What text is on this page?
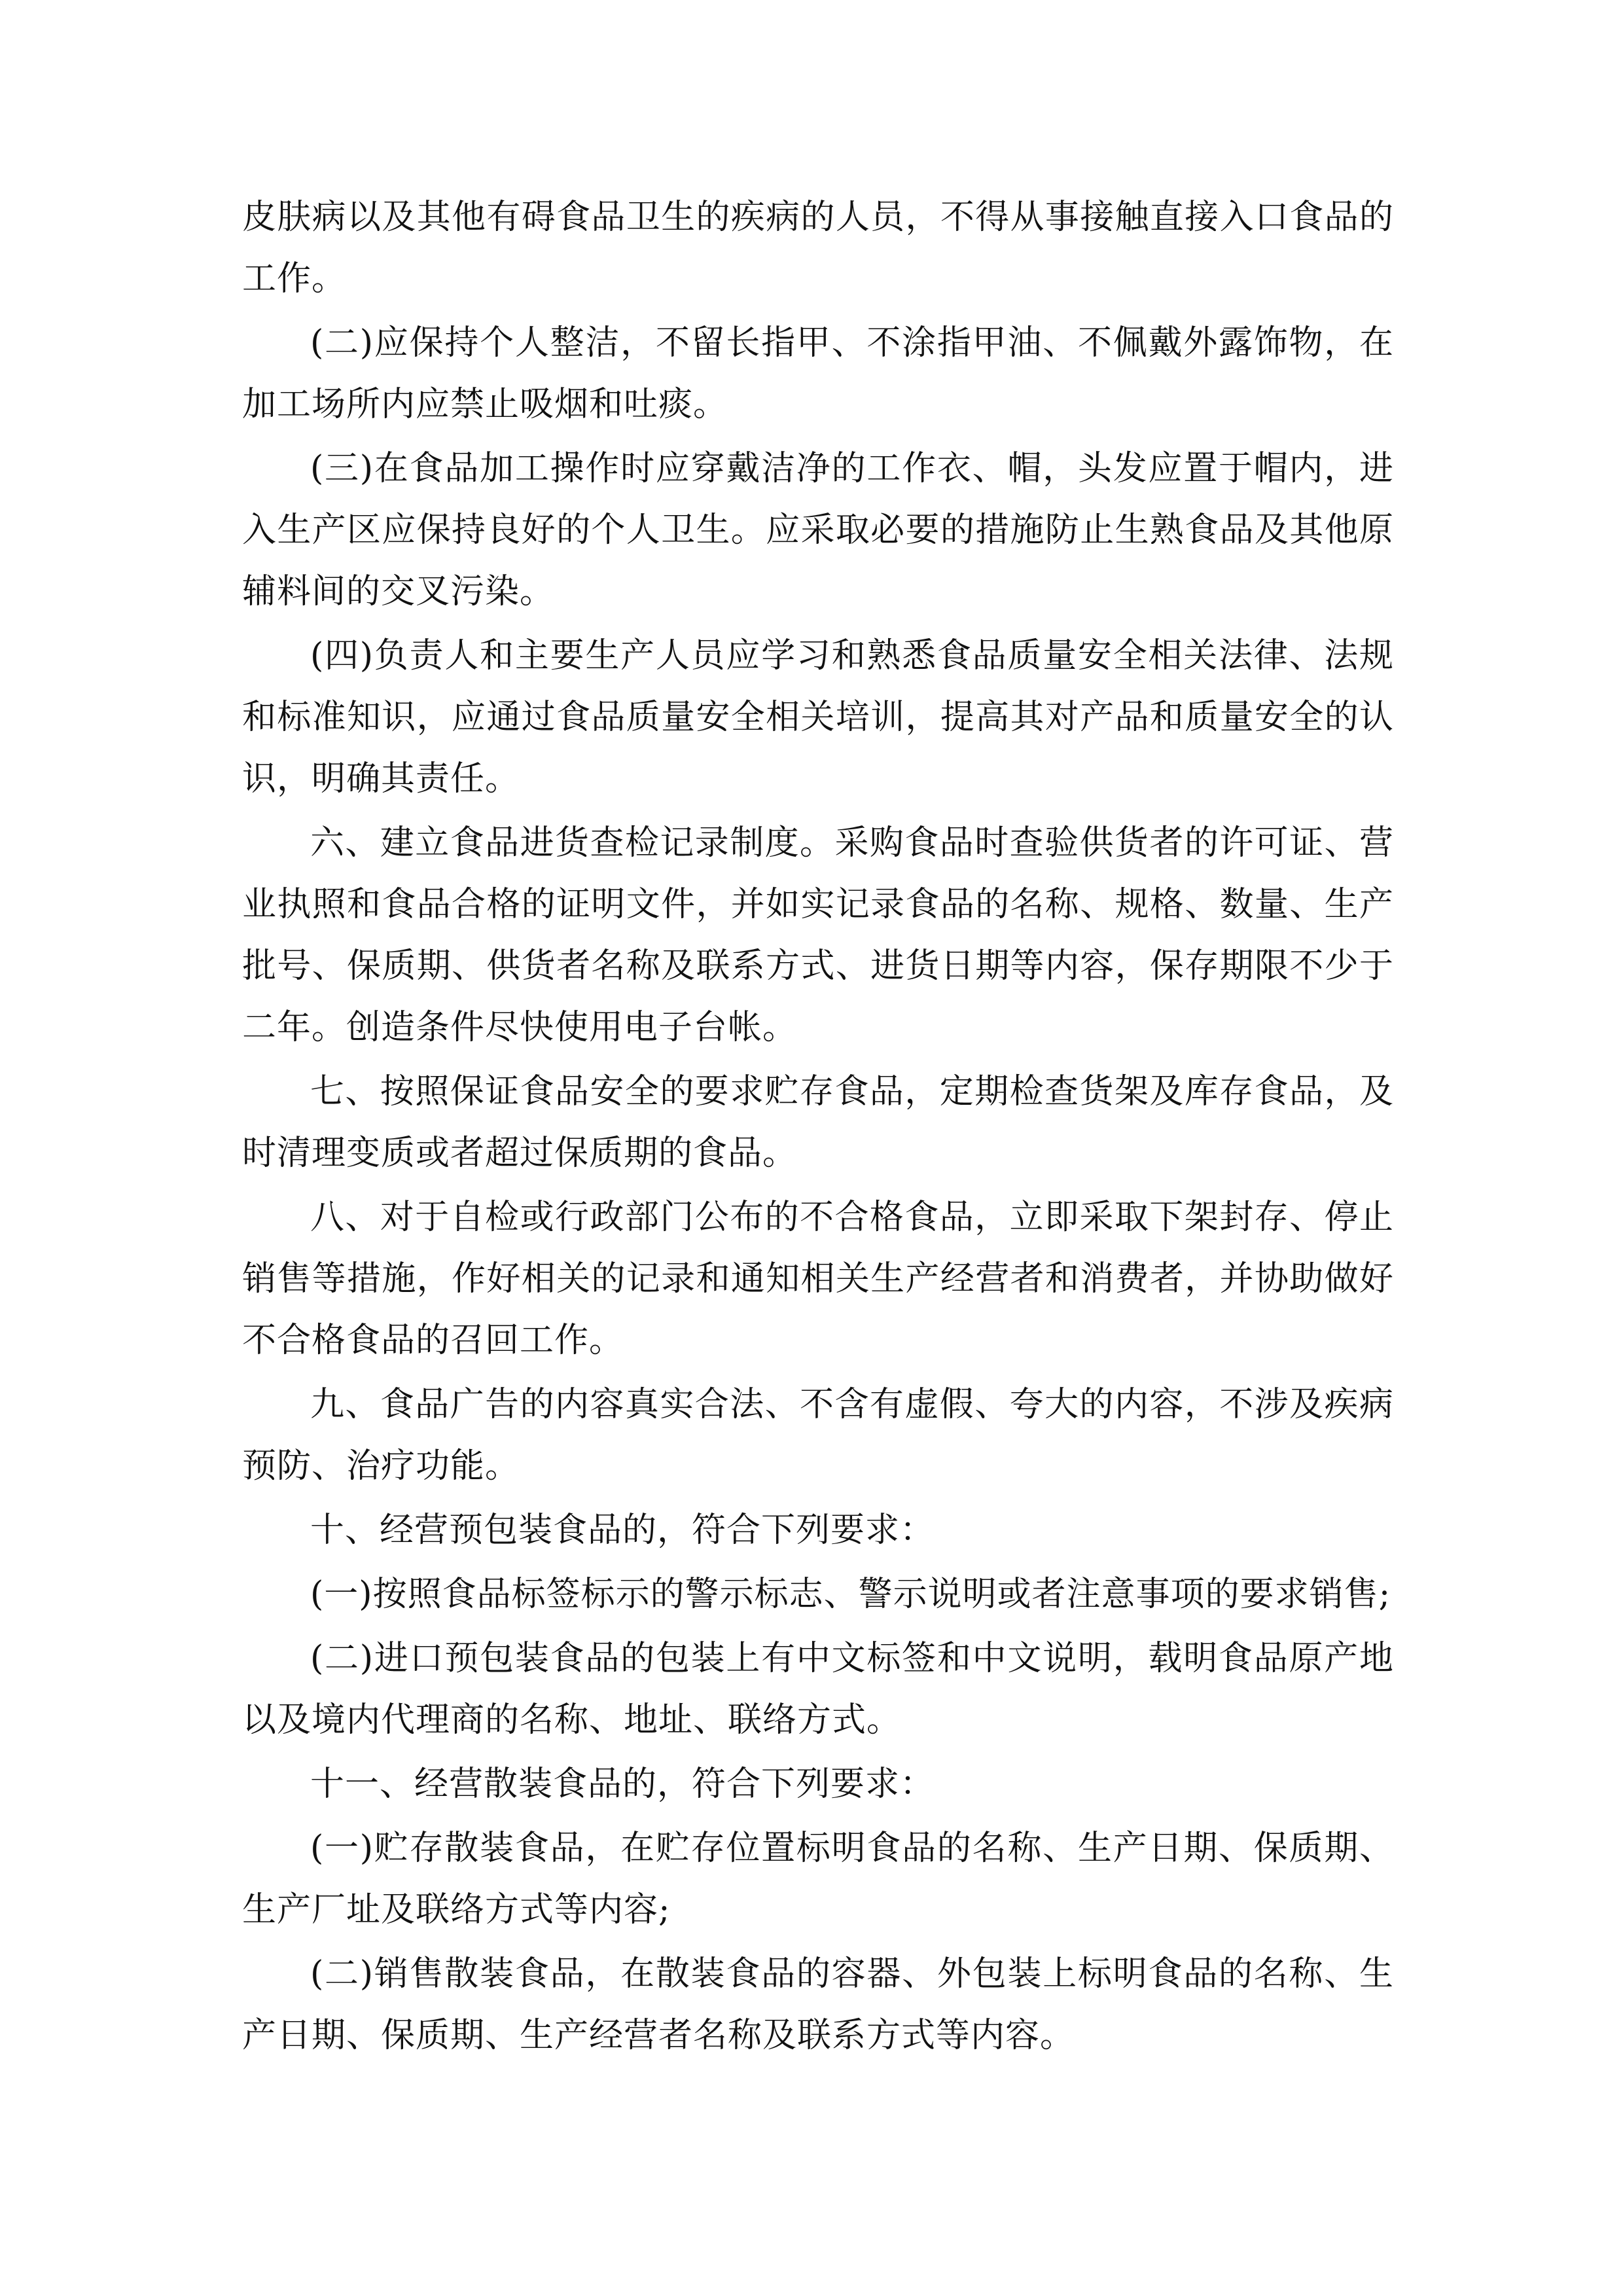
皮肤病以及其他有碍食品卫生的疾病的人员，不得从事接触直接入口食品的工作。

(二)应保持个人整洁，不留长指甲、不涂指甲油、不佩戴外露饰物，在加工场所内应禁止吸烟和吐痰。

(三)在食品加工操作时应穿戴洁净的工作衣、帽，头发应置于帽内，进入生产区应保持良好的个人卫生。应采取必要的措施防止生熟食品及其他原辅料间的交叉污染。

(四)负责人和主要生产人员应学习和熟悉食品质量安全相关法律、法规和标准知识，应通过食品质量安全相关培训，提高其对产品和质量安全的认识，明确其责任。

六、建立食品进货查检记录制度。采购食品时查验供货者的许可证、营业执照和食品合格的证明文件，并如实记录食品的名称、规格、数量、生产批号、保质期、供货者名称及联系方式、进货日期等内容，保存期限不少于二年。创造条件尽快使用电子台帐。

七、按照保证食品安全的要求贮存食品，定期检查货架及库存食品，及时清理变质或者超过保质期的食品。

八、对于自检或行政部门公布的不合格食品，立即采取下架封存、停止销售等措施，作好相关的记录和通知相关生产经营者和消费者，并协助做好不合格食品的召回工作。

九、食品广告的内容真实合法、不含有虚假、夸大的内容，不涉及疾病预防、治疗功能。

十、经营预包装食品的，符合下列要求：

(一)按照食品标签标示的警示标志、警示说明或者注意事项的要求销售;

(二)进口预包装食品的包装上有中文标签和中文说明，载明食品原产地以及境内代理商的名称、地址、联络方式。

十一、经营散装食品的，符合下列要求：

(一)贮存散装食品，在贮存位置标明食品的名称、生产日期、保质期、生产厂址及联络方式等内容;

(二)销售散装食品，在散装食品的容器、外包装上标明食品的名称、生产日期、保质期、生产经营者名称及联系方式等内容。
